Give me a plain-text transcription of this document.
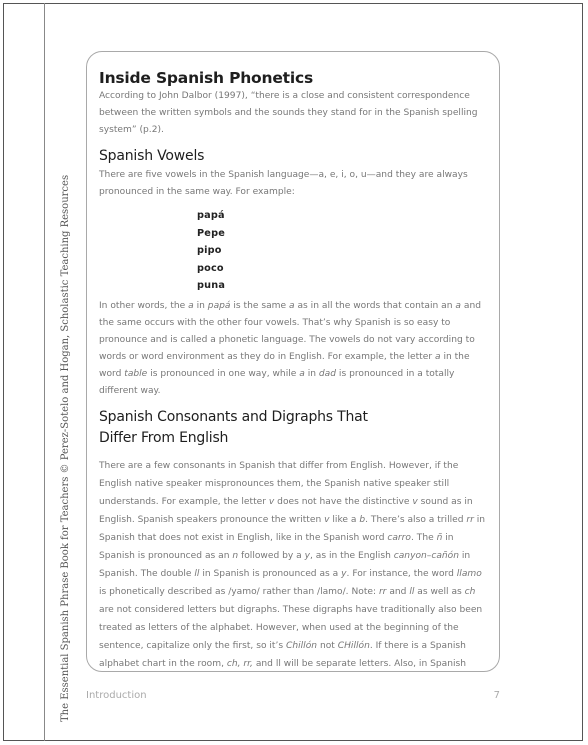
The Essential Spanish Phrase Book for Teachers © Perez-Sotelo and Hogan, Scholastic Teaching Resources
Inside Spanish Phonetics

According to John Dalbor (1997), “there is a close and consistent correspondence between the written symbols and the sounds they stand for in the Spanish spelling system” (p.2).

Spanish Vowels

There are five vowels in the Spanish language—a, e, i, o, u—and they are always pronounced in the same way. For example:

papá
Pepe
pipo
poco
puna

In other words, the a in papá is the same a as in all the words that contain an a and the same occurs with the other four vowels. That’s why Spanish is so easy to pronounce and is called a phonetic language. The vowels do not vary according to words or word environment as they do in English. For example, the letter a in the word table is pronounced in one way, while a in dad is pronounced in a totally different way.

Spanish Consonants and Digraphs That
Differ From English

There are a few consonants in Spanish that differ from English. However, if the English native speaker mispronounces them, the Spanish native speaker still understands. For example, the letter v does not have the distinctive v sound as in English. Spanish speakers pronounce the written v like a b. There’s also a trilled rr in Spanish that does not exist in English, like in the Spanish word carro. The ñ in Spanish is pronounced as an n followed by a y, as in the English canyon–cañón in Spanish. The double ll in Spanish is pronounced as a y. For instance, the word llamo is phonetically described as /yamo/ rather than /lamo/. Note: rr and ll as well as ch are not considered letters but digraphs. These digraphs have traditionally also been treated as letters of the alphabet. However, when used at the beginning of the sentence, capitalize only the first, so it’s Chillón not CHillón. If there is a Spanish alphabet chart in the room, ch, rr, and ll will be separate letters. Also, in Spanish

Introduction	7
